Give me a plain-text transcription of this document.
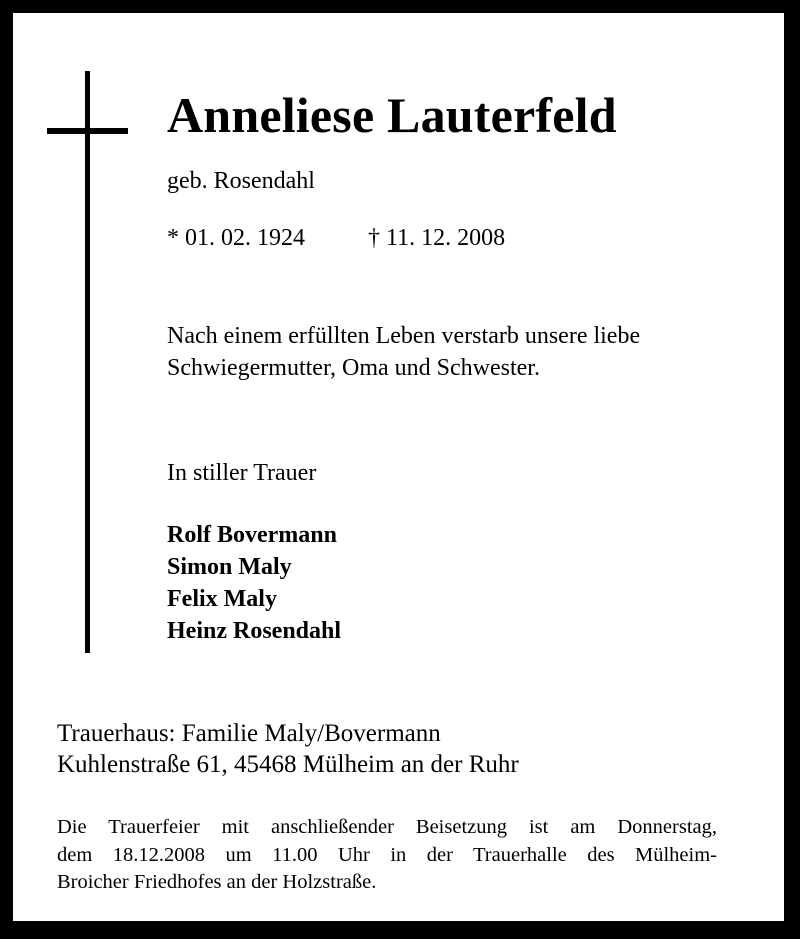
Anneliese Lauterfeld
geb. Rosendahl
* 01. 02. 1924	† 11. 12. 2008
Nach einem erfüllten Leben verstarb unsere liebe
Schwiegermutter, Oma und Schwester.
In stiller Trauer
Rolf Bovermann
Simon Maly
Felix Maly
Heinz Rosendahl
Trauerhaus: Familie Maly/Bovermann
Kuhlenstraße 61, 45468 Mülheim an der Ruhr
Die Trauerfeier mit anschließender Beisetzung ist am Donnerstag,
dem 18.12.2008 um 11.00 Uhr in der Trauerhalle des Mülheim-
Broicher Friedhofes an der Holzstraße.
